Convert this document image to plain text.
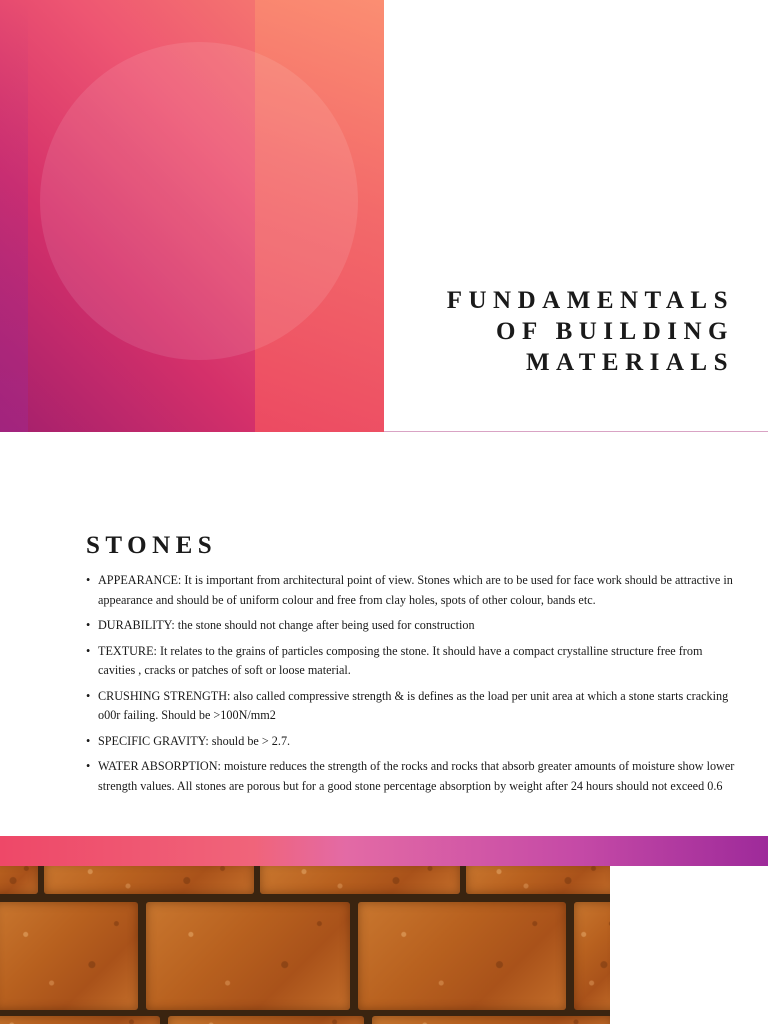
FUNDAMENTALS
OF BUILDING
MATERIALS
STONES
• APPEARANCE: It is important from architectural point of view. Stones which are to be used for face work should be attractive in appearance and should be of uniform colour and free from clay holes, spots of other colour, bands etc.
• DURABILITY: the stone should not change after being used for construction
• TEXTURE: It relates to the grains of particles composing the stone. It should have a compact crystalline structure free from cavities , cracks or patches of soft or loose material.
• CRUSHING STRENGTH: also called compressive strength & is defines as the load per unit area at which a stone starts cracking o00r failing. Should be >100N/mm2
• SPECIFIC GRAVITY: should be > 2.7.
• WATER ABSORPTION: moisture reduces the strength of the rocks and rocks that absorb greater amounts of moisture show lower strength values. All stones are porous but for a good stone percentage absorption by weight after 24 hours should not exceed 0.6
